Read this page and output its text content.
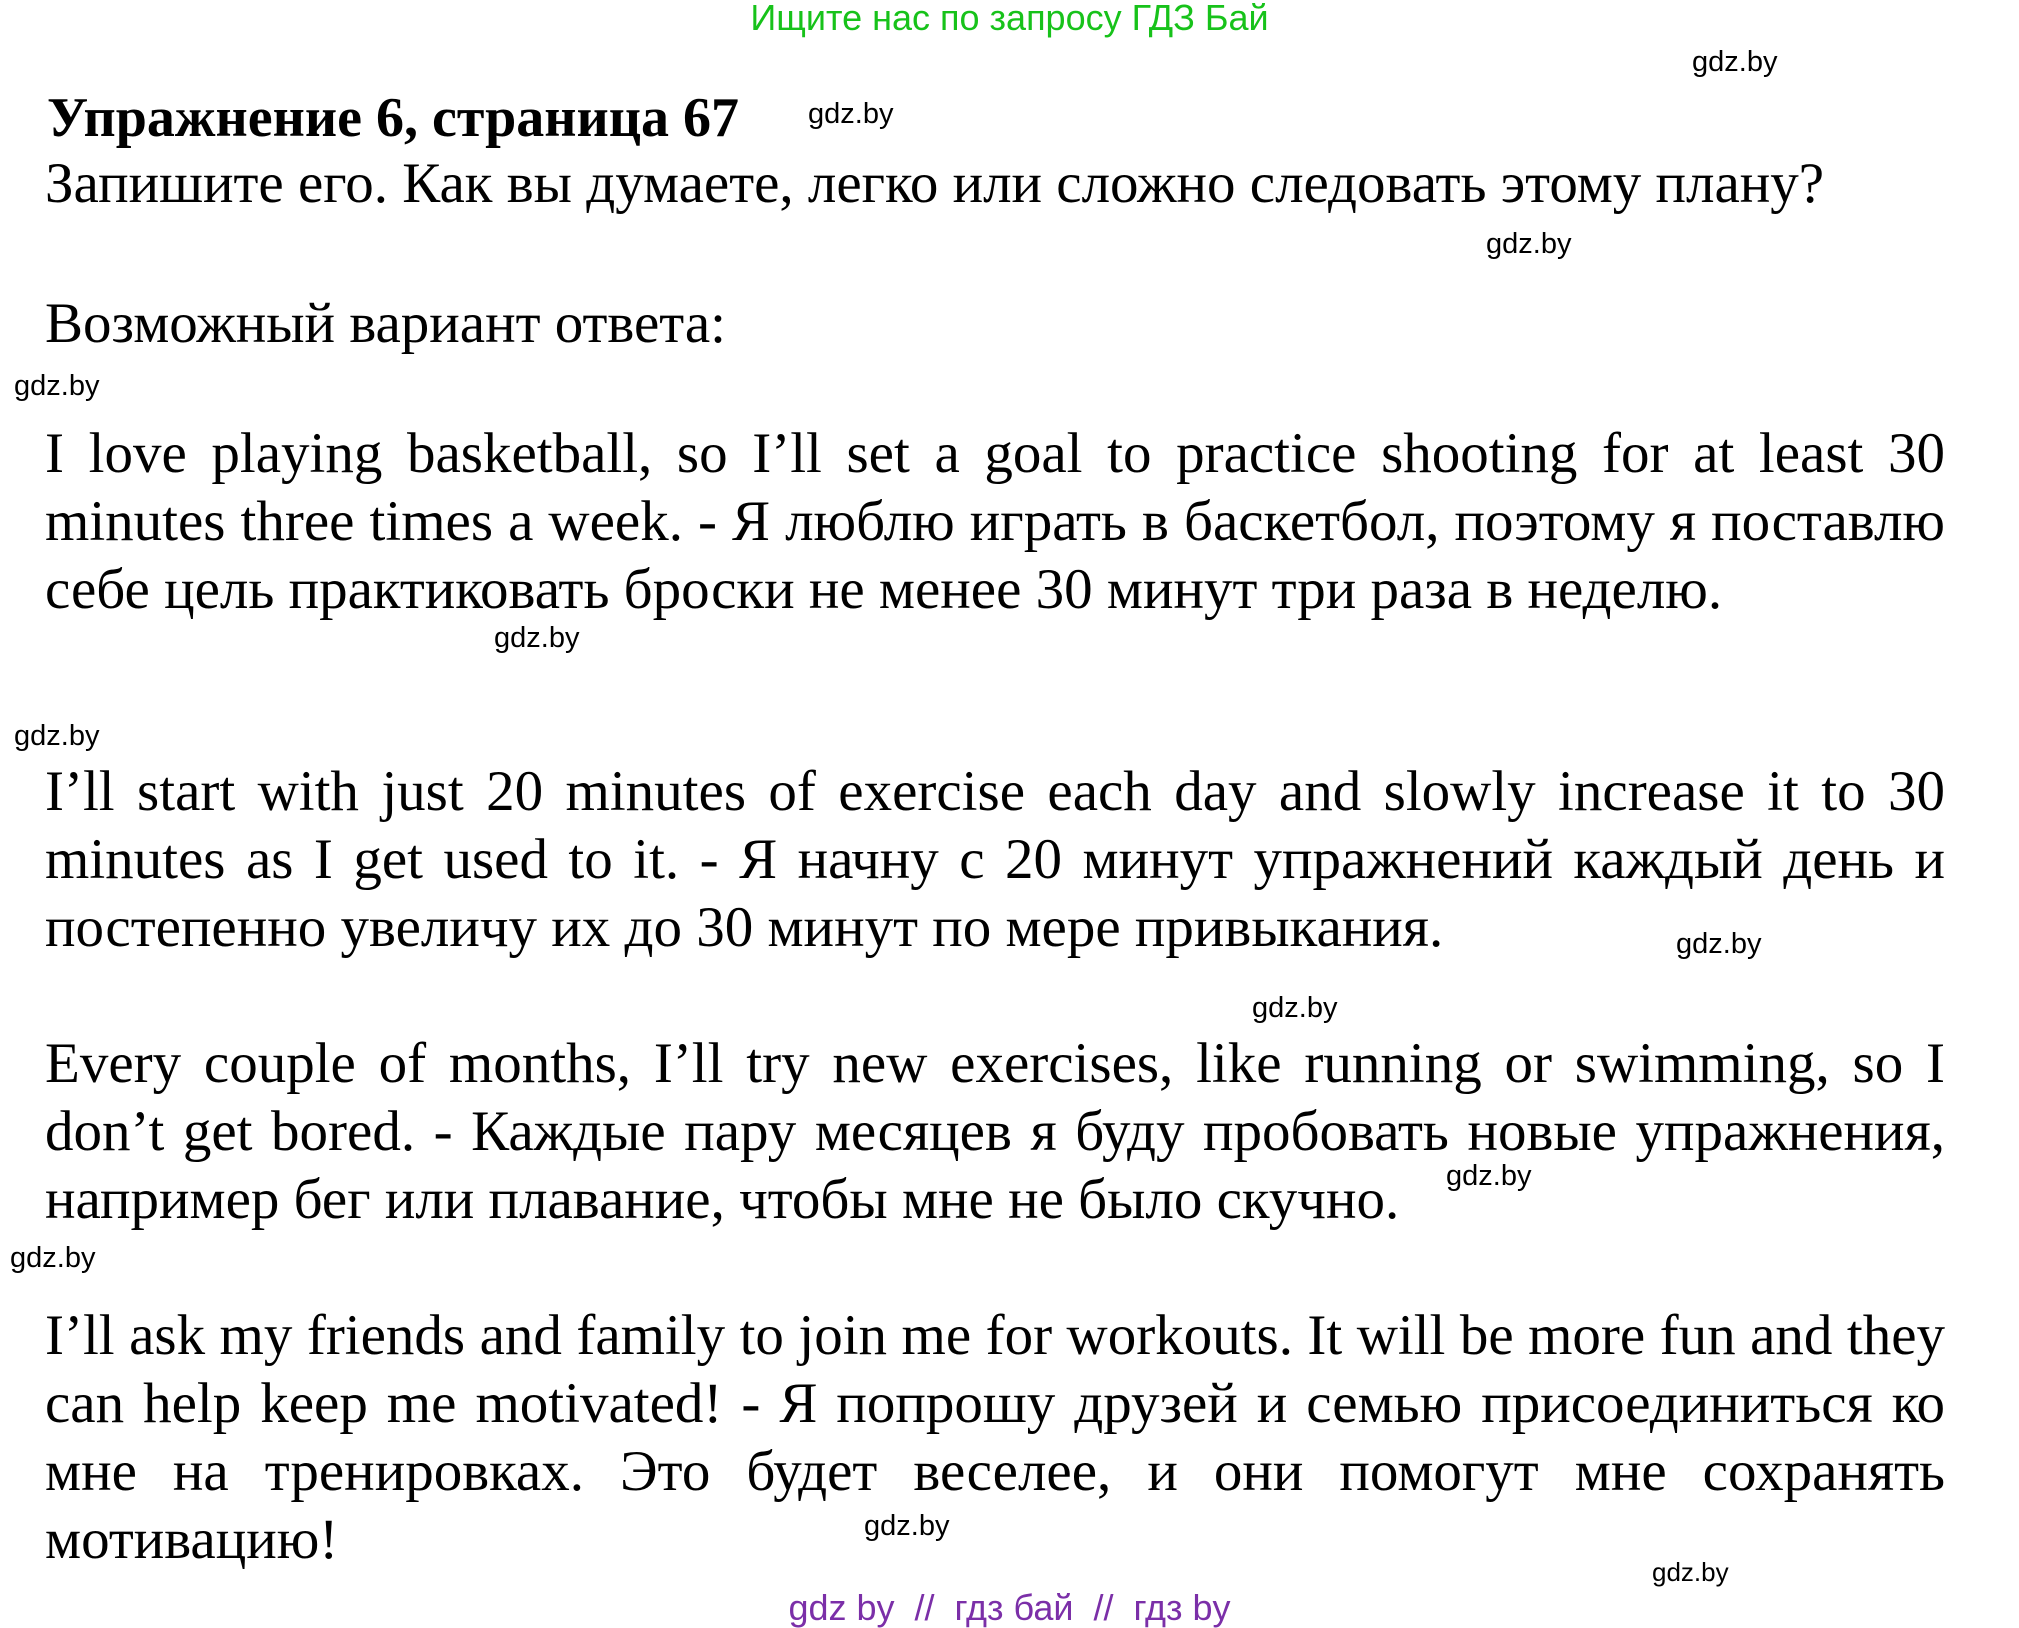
Ищите нас по запросу ГДЗ Бай
Упражнение 6, страница 67
Запишите его. Как вы думаете, легко или сложно следовать этому плану?
Возможный вариант ответа:
I love playing basketball, so I’ll set a goal to practice shooting for at least 30 minutes three times a week. - Я люблю играть в баскетбол, поэтому я поставлю себе цель практиковать броски не менее 30 минут три раза в неделю.
I’ll start with just 20 minutes of exercise each day and slowly increase it to 30 minutes as I get used to it. - Я начну с 20 минут упражнений каждый день и постепенно увеличу их до 30 минут по мере привыкания.
Every couple of months, I’ll try new exercises, like running or swimming, so I don’t get bored. - Каждые пару месяцев я буду пробовать новые упражнения, например бег или плавание, чтобы мне не было скучно.
I’ll ask my friends and family to join me for workouts. It will be more fun and they can help keep me motivated! - Я попрошу друзей и семью присоединиться ко мне на тренировках. Это будет веселее, и они помогут мне сохранять мотивацию!
gdz.by
gdz.by
gdz.by
gdz.by
gdz.by
gdz.by
gdz.by
gdz.by
gdz.by
gdz.by
gdz.by
gdz.by
gdz by  //  гдз бай  //  гдз by
